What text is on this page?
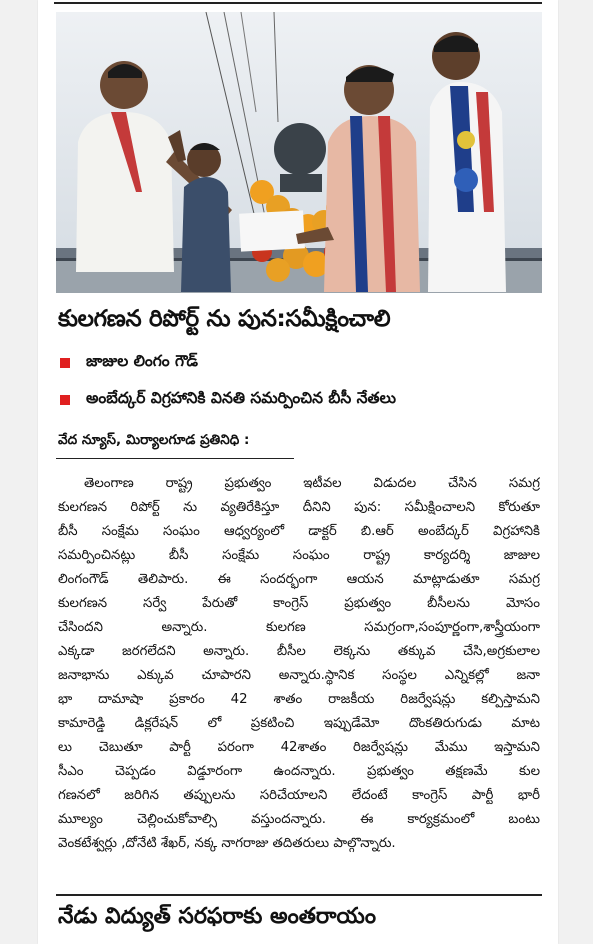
కులగణన రిపోర్ట్ ను పున:సమీక్షించాలి
జాజుల లింగం గౌడ్
అంబేద్కర్ విగ్రహానికి వినతి సమర్పించిన బీసీ నేతలు
వేద న్యూస్, మిర్యాలగూడ ప్రతినిధి :
తెలంగాణ రాష్ట్ర ప్రభుత్వం ఇటీవల విడుదల చేసిన సమగ్ర
కులగణన రిపోర్ట్ ను వ్యతిరేకిస్తూ దీనిని పున: సమీక్షించాలని కోరుతూ
బీసీ సంక్షేమ సంఘం ఆధ్వర్యంలో డాక్టర్ బి.ఆర్ అంబేద్కర్ విగ్రహానికి
సమర్పించినట్లు బీసీ సంక్షేమ సంఘం రాష్ట్ర కార్యదర్శి జాజుల
లింగంగౌడ్ తెలిపారు. ఈ సందర్భంగా ఆయన మాట్లాడుతూ సమగ్ర
కులగణన సర్వే పేరుతో కాంగ్రెస్ ప్రభుత్వం బీసీలను మోసం
చేసిందని అన్నారు. కులగణ సమగ్రంగా,సంపూర్ణంగా,శాస్త్రీయంగా
ఎక్కడా జరగలేదని అన్నారు. బీసీల లెక్కను తక్కువ చేసి,అగ్రకులాల
జనాభాను ఎక్కువ చూపారని అన్నారు.స్థానిక సంస్థల ఎన్నికల్లో జనా
భా దామాషా ప్రకారం 42 శాతం రాజకీయ రిజర్వేషన్లు కల్పిస్తామని
కామారెడ్డి డిక్లరేషన్ లో ప్రకటించి ఇప్పుడేమో దొంకతిరుగుడు మాట
లు చెబుతూ పార్టీ పరంగా 42శాతం రిజర్వేషన్లు మేము ఇస్తామని
సీఎం చెప్పడం విడ్డూరంగా ఉందన్నారు. ప్రభుత్వం తక్షణమే కుల
గణనలో జరిగిన తప్పులను సరిచేయాలని లేదంటే కాంగ్రెస్ పార్టీ భారీ
మూల్యం చెల్లించుకోవాల్సి వస్తుందన్నారు. ఈ కార్యక్రమంలో బంటు
వెంకటేశ్వర్లు ,దోనేటి శేఖర్, నక్క నాగరాజు తదితరులు పాల్గొన్నారు.
నేడు విద్యుత్ సరఫరాకు అంతరాయం
